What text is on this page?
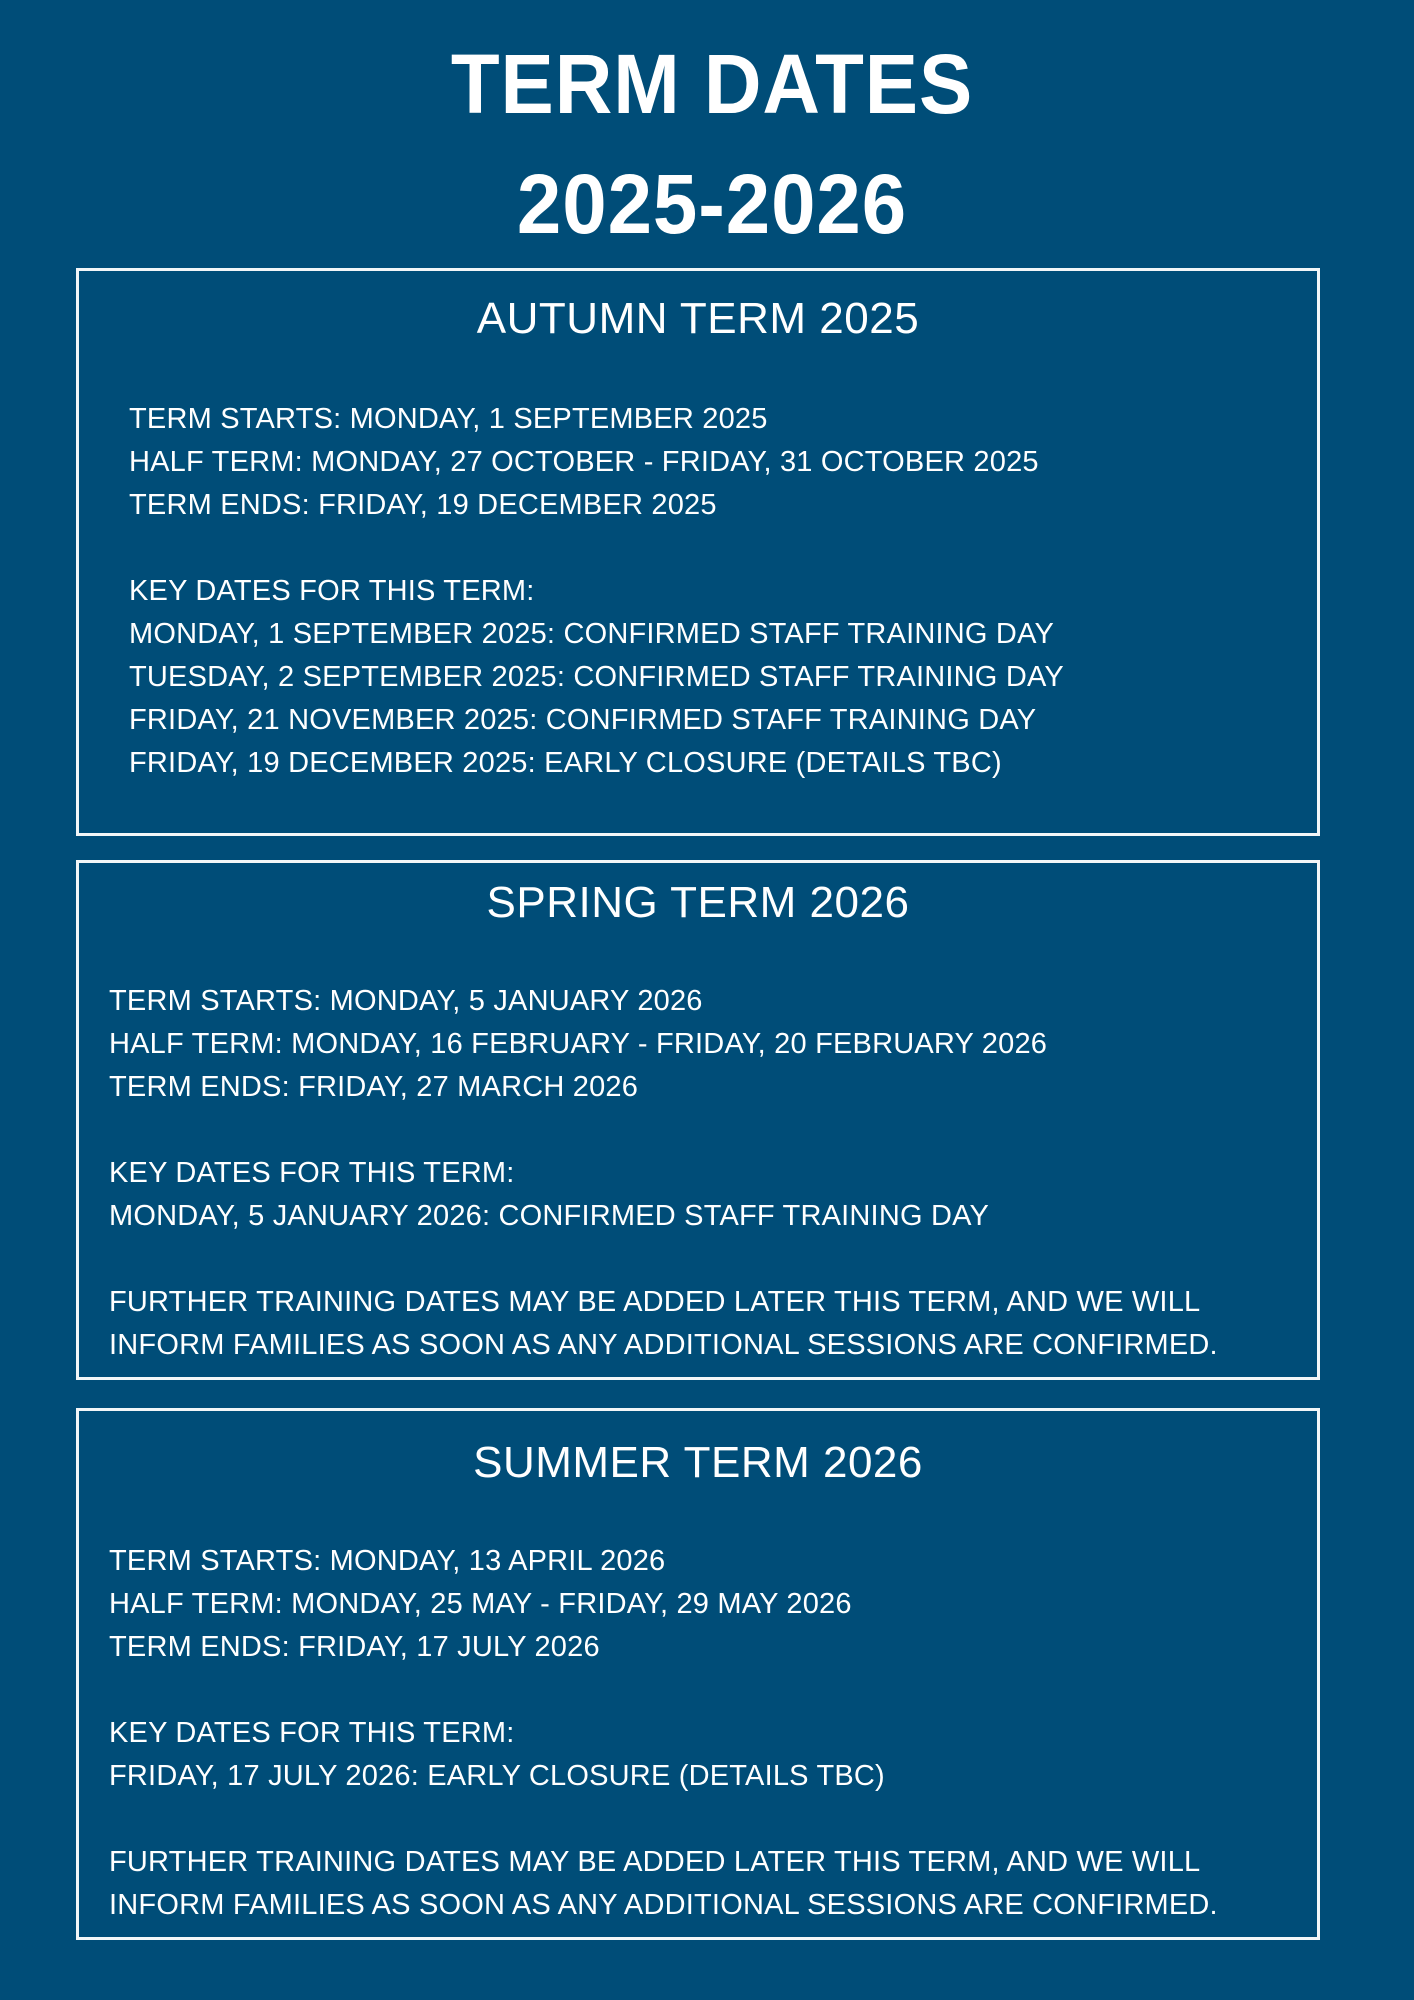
TERM DATES
2025-2026
AUTUMN TERM 2025
TERM STARTS: MONDAY, 1 SEPTEMBER 2025
HALF TERM: MONDAY, 27 OCTOBER - FRIDAY, 31 OCTOBER 2025
TERM ENDS: FRIDAY, 19 DECEMBER 2025
KEY DATES FOR THIS TERM:
MONDAY, 1 SEPTEMBER 2025: CONFIRMED STAFF TRAINING DAY
TUESDAY, 2 SEPTEMBER 2025: CONFIRMED STAFF TRAINING DAY
FRIDAY, 21 NOVEMBER 2025: CONFIRMED STAFF TRAINING DAY
FRIDAY, 19 DECEMBER 2025: EARLY CLOSURE (DETAILS TBC)
SPRING TERM 2026
TERM STARTS: MONDAY, 5 JANUARY 2026
HALF TERM: MONDAY, 16 FEBRUARY - FRIDAY, 20 FEBRUARY 2026
TERM ENDS: FRIDAY, 27 MARCH 2026
KEY DATES FOR THIS TERM:
MONDAY, 5 JANUARY 2026: CONFIRMED STAFF TRAINING DAY
FURTHER TRAINING DATES MAY BE ADDED LATER THIS TERM, AND WE WILL
INFORM FAMILIES AS SOON AS ANY ADDITIONAL SESSIONS ARE CONFIRMED.
SUMMER TERM 2026
TERM STARTS: MONDAY, 13 APRIL 2026
HALF TERM: MONDAY, 25 MAY - FRIDAY, 29 MAY 2026
TERM ENDS: FRIDAY, 17 JULY 2026
KEY DATES FOR THIS TERM:
FRIDAY, 17 JULY 2026: EARLY CLOSURE (DETAILS TBC)
FURTHER TRAINING DATES MAY BE ADDED LATER THIS TERM, AND WE WILL
INFORM FAMILIES AS SOON AS ANY ADDITIONAL SESSIONS ARE CONFIRMED.
